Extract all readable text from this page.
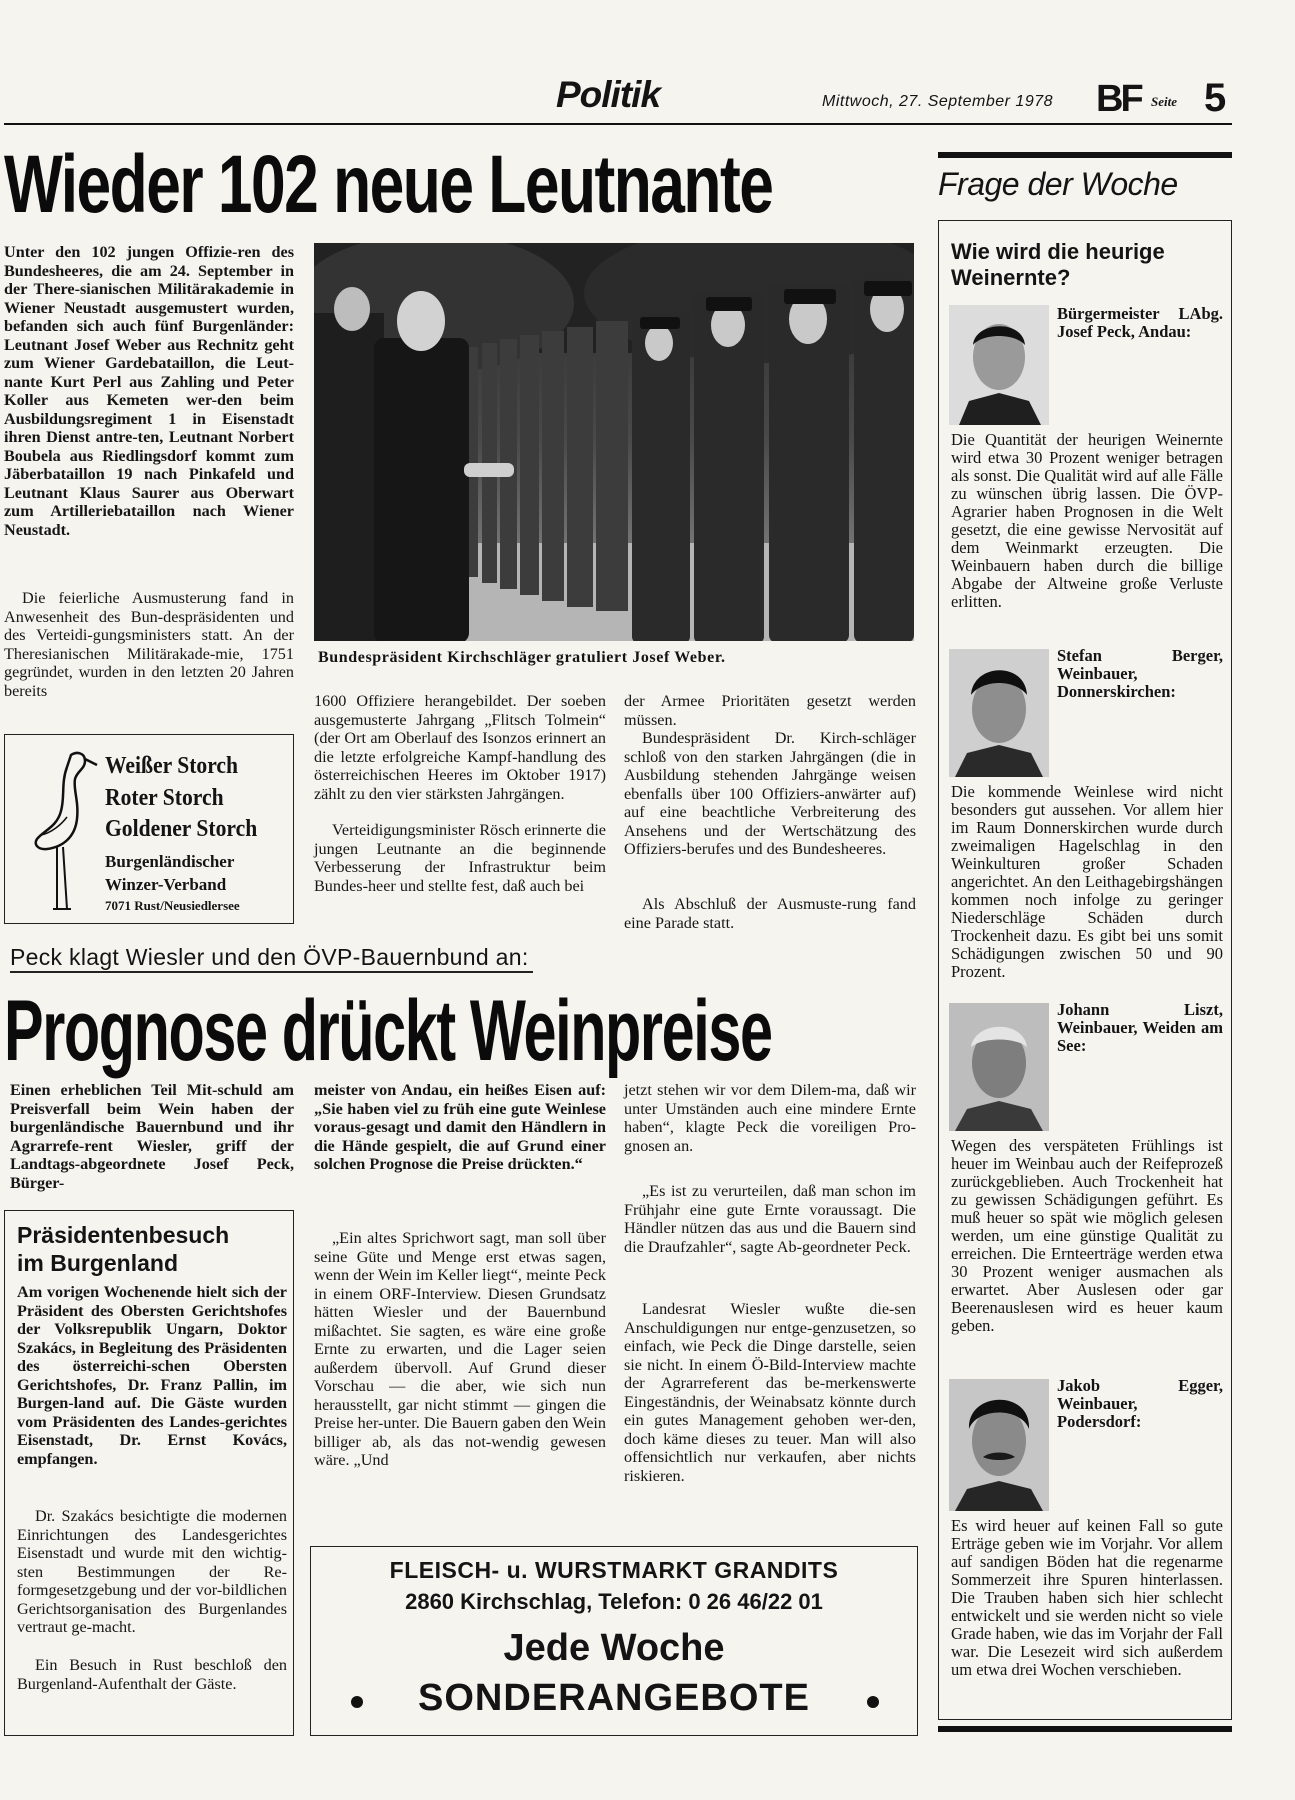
Politik	Mittwoch, 27. September 1978 BF Seite 5
Wieder 102 neue Leutnante
Unter den 102 jungen Offizie-ren des Bundesheeres, die am 24. September in der There-sianischen Militärakademie in Wiener Neustadt ausgemustert wurden, befanden sich auch fünf Burgenländer: Leutnant Josef Weber aus Rechnitz geht zum Wiener Gardebataillon, die Leut-nante Kurt Perl aus Zahling und Peter Koller aus Kemeten wer-den beim Ausbildungsregiment 1 in Eisenstadt ihren Dienst antre-ten, Leutnant Norbert Boubela aus Riedlingsdorf kommt zum Jäberbataillon 19 nach Pinkafeld und Leutnant Klaus Saurer aus Oberwart zum Artilleriebataillon nach Wiener Neustadt.
Die feierliche Ausmusterung fand in Anwesenheit des Bun-despräsidenten und des Verteidi-gungsministers statt. An der Theresianischen Militärakade-mie, 1751 gegründet, wurden in den letzten 20 Jahren bereits
Bundespräsident Kirchschläger gratuliert Josef Weber.
1600 Offiziere herangebildet. Der soeben ausgemusterte Jahrgang „Flitsch Tolmein“ (der Ort am Oberlauf des Isonzos erinnert an die letzte erfolgreiche Kampf-handlung des österreichischen Heeres im Oktober 1917) zählt zu den vier stärksten Jahrgängen.
Verteidigungsminister Rösch erinnerte die jungen Leutnante an die beginnende Verbesserung der Infrastruktur beim Bundes-heer und stellte fest, daß auch bei
der Armee Prioritäten gesetzt werden müssen.
Bundespräsident Dr. Kirch-schläger schloß von den starken Jahrgängen (die in Ausbildung stehenden Jahrgänge weisen ebenfalls über 100 Offiziers-anwärter auf) auf eine beachtliche Verbreiterung des Ansehens und der Wertschätzung des Offiziers-berufes und des Bundesheeres.
Als Abschluß der Ausmuste-rung fand eine Parade statt.
Weißer Storch
Roter Storch
Goldener Storch
Burgenländischer
Winzer-Verband
7071 Rust/Neusiedlersee
Peck klagt Wiesler und den ÖVP-Bauernbund an:
Prognose drückt Weinpreise
Einen erheblichen Teil Mit-schuld am Preisverfall beim Wein haben der burgenländische Bauernbund und ihr Agrarrefe-rent Wiesler, griff der Landtags-abgeordnete Josef Peck, Bürger-
meister von Andau, ein heißes Eisen auf: „Sie haben viel zu früh eine gute Weinlese voraus-gesagt und damit den Händlern in die Hände gespielt, die auf Grund einer solchen Prognose die Preise drückten.“
„Ein altes Sprichwort sagt, man soll über seine Güte und Menge erst etwas sagen, wenn der Wein im Keller liegt“, meinte Peck in einem ORF-Interview. Diesen Grundsatz hätten Wiesler und der Bauernbund mißachtet. Sie sagten, es wäre eine große Ernte zu erwarten, und die Lager seien außerdem übervoll. Auf Grund dieser Vorschau — die aber, wie sich nun herausstellt, gar nicht stimmt — gingen die Preise her-unter. Die Bauern gaben den Wein billiger ab, als das not-wendig gewesen wäre. „Und
jetzt stehen wir vor dem Dilem-ma, daß wir unter Umständen auch eine mindere Ernte haben“, klagte Peck die voreiligen Pro-gnosen an.
„Es ist zu verurteilen, daß man schon im Frühjahr eine gute Ernte voraussagt. Die Händler nützen das aus und die Bauern sind die Draufzahler“, sagte Ab-geordneter Peck.
Landesrat Wiesler wußte die-sen Anschuldigungen nur entge-genzusetzen, so einfach, wie Peck die Dinge darstelle, seien sie nicht. In einem Ö-Bild-Interview machte der Agrarreferent das be-merkenswerte Eingeständnis, der Weinabsatz könnte durch ein gutes Management gehoben wer-den, doch käme dieses zu teuer. Man will also offensichtlich nur verkaufen, aber nichts riskieren.
Präsidentenbesuch im Burgenland
Am vorigen Wochenende hielt sich der Präsident des Obersten Gerichtshofes der Volksrepublik Ungarn, Doktor Szakács, in Begleitung des Präsidenten des österreichi-schen Obersten Gerichtshofes, Dr. Franz Pallin, im Burgen-land auf. Die Gäste wurden vom Präsidenten des Landes-gerichtes Eisenstadt, Dr. Ernst Kovács, empfangen.
Dr. Szakács besichtigte die modernen Einrichtungen des Landesgerichtes Eisenstadt und wurde mit den wichtig-sten Bestimmungen der Re-formgesetzgebung und der vor-bildlichen Gerichtsorganisation des Burgenlandes vertraut ge-macht.
Ein Besuch in Rust beschloß den Burgenland-Aufenthalt der Gäste.
FLEISCH- u. WURSTMARKT GRANDITS
2860 Kirchschlag, Telefon: 0 26 46/22 01
Jede Woche
SONDERANGEBOTE
Frage der Woche
Wie wird die heurige Weinernte?
Bürgermeister LAbg. Josef Peck, Andau:
Die Quantität der heurigen Weinernte wird etwa 30 Prozent weniger betragen als sonst. Die Qualität wird auf alle Fälle zu wünschen übrig lassen. Die ÖVP-Agrarier haben Prognosen in die Welt gesetzt, die eine gewisse Nervosität auf dem Weinmarkt erzeugten. Die Weinbauern haben durch die billige Abgabe der Altweine große Verluste erlitten.
Stefan Berger, Weinbauer, Donnerskirchen:
Die kommende Weinlese wird nicht besonders gut aussehen. Vor allem hier im Raum Donnerskirchen wurde durch zweimaligen Hagelschlag in den Weinkulturen großer Schaden angerichtet. An den Leithagebirgshängen kommen noch infolge zu geringer Niederschläge Schäden durch Trockenheit dazu. Es gibt bei uns somit Schädigungen zwischen 50 und 90 Prozent.
Johann Liszt, Weinbauer, Weiden am See:
Wegen des verspäteten Frühlings ist heuer im Weinbau auch der Reifeprozeß zurückgeblieben. Auch Trockenheit hat zu gewissen Schädigungen geführt. Es muß heuer so spät wie möglich gelesen werden, um eine günstige Qualität zu erreichen. Die Ernteerträge werden etwa 30 Prozent weniger ausmachen als erwartet. Aber Auslesen oder gar Beerenauslesen wird es heuer kaum geben.
Jakob Egger, Weinbauer, Podersdorf:
Es wird heuer auf keinen Fall so gute Erträge geben wie im Vorjahr. Vor allem auf sandigen Böden hat die regenarme Sommerzeit ihre Spuren hinterlassen. Die Trauben haben sich hier schlecht entwickelt und sie werden nicht so viele Grade haben, wie das im Vorjahr der Fall war. Die Lesezeit wird sich außerdem um etwa drei Wochen verschieben.
